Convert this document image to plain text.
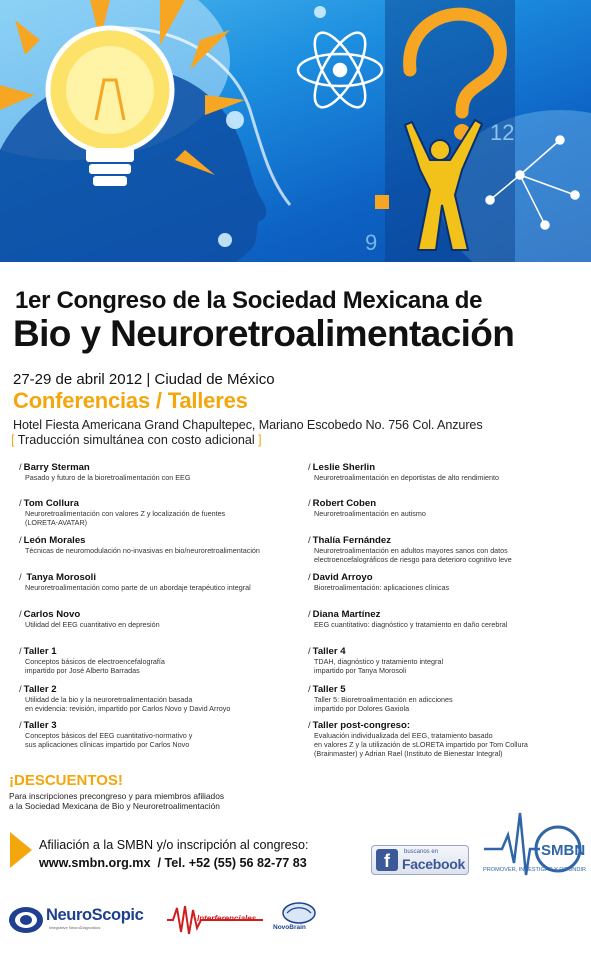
12
9
1er Congreso de la Sociedad Mexicana de
Bio y Neuroretroalimentación
27-29 de abril 2012 | Ciudad de México
Conferencias / Talleres
Hotel Fiesta Americana Grand Chapultepec, Mariano Escobedo No. 756 Col. Anzures
[ Traducción simultánea con costo adicional ]
/ Barry Sterman
Pasado y futuro de la bioretroalimentación con EEG
/ Tom Collura
Neuroretroalimentación con valores Z y localización de fuentes
(LORETA-AVATAR)
/ León Morales
Técnicas de neuromodulación no-invasivas en bio/neuroretroalimentación
/ Tanya Morosoli
Neuroretroalimentación como parte de un abordaje terapéutico integral
/ Carlos Novo
Utilidad del EEG cuantitativo en depresión
/ Taller 1
Conceptos básicos de electroencefalografía
impartido por José Alberto Barradas
/ Taller 2
Utilidad de la bio y la neuroretroalimentación basada
en evidencia: revisión, impartido por Carlos Novo y David Arroyo
/ Taller 3
Conceptos básicos del EEG cuantitativo-normativo y
sus aplicaciones clínicas impartido por Carlos Novo
/ Leslie Sherlin
Neuroretroalimentación en deportistas de alto rendimiento
/ Robert Coben
Neuroretroalimentación en autismo
/ Thalía Fernández
Neuroretroalimentación en adultos mayores sanos con datos
electroencefalográficos de riesgo para deterioro cognitivo leve
/ David Arroyo
Bioretroalimentación: aplicaciones clínicas
/ Diana Martínez
EEG cuantitativo: diagnóstico y tratamiento en daño cerebral
/ Taller 4
TDAH, diagnóstico y tratamiento integral
impartido por Tanya Morosoli
/ Taller 5
Taller 5: Bioretroalimentación en adicciones
impartido por Dolores Gaxiola
/ Taller post-congreso:
Evaluación individualizada del EEG, tratamiento basado
en valores Z y la utilización de sLORETA impartido por Tom Collura
(Brainmaster) y Adrian Rael (Instituto de Bienestar Integral)
¡DESCUENTOS!
Para inscripciones precongreso y para miembros afiliados
a la Sociedad Mexicana de Bio y Neuroretroalimentación
Afiliación a la SMBN y/o inscripción al congreso:
www.smbn.org.mx / Tel. +52 (55) 56 82-77 83	f	buscanos en
Facebook
SMBN
PROMOVER, INVESTIGAR Y DIFUNDIR
NeuroScopic
Integrative NeuroDiagnostics
Interferenciales
NovoBrain
